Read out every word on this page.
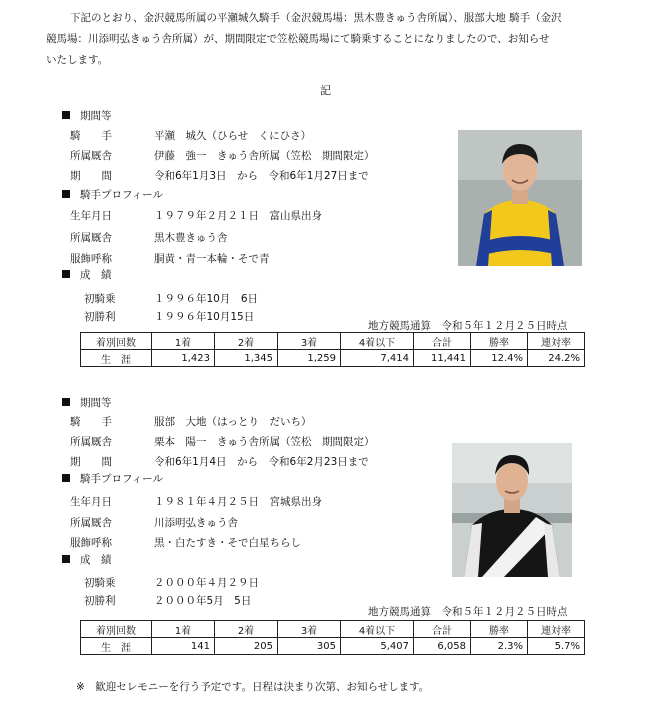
下記のとおり、金沢競馬所属の平瀬城久騎手（金沢競馬場：黒木豊きゅう舎所属）、服部大地 騎手（金沢
競馬場：川添明弘きゅう舎所属）が、期間限定で笠松競馬場にて騎乗することになりましたので、お知らせ
いたします。
記
期間等
騎　　手	平瀬　城久（ひらせ　くにひさ）
所属厩舎	伊藤　強一　きゅう舎所属（笠松　期間限定）
期　　間	令和6年1月3日　から　令和6年1月27日まで
騎手プロフィール
生年月日	１９７９年２月２１日　富山県出身
所属厩舎	黒木豊きゅう舎
服飾呼称	胴黄・青一本輪・そで青
成　績
初騎乗	１９９６年10月　6日
初勝利	１９９６年10月15日
地方競馬通算　令和５年１２月２５日時点
着別回数	1着	2着	3着	4着以下	合計	勝率	連対率
生　涯	1,423	1,345	1,259	7,414	11,441	12.4%	24.2%
期間等
騎　　手	服部　大地（はっとり　だいち）
所属厩舎	栗本　陽一　きゅう舎所属（笠松　期間限定）
期　　間	令和6年1月4日　から　令和6年2月23日まで
騎手プロフィール
生年月日	１９８１年４月２５日　宮城県出身
所属厩舎	川添明弘きゅう舎
服飾呼称	黒・白たすき・そで白星ちらし
成　績
初騎乗	２０００年４月２９日
初勝利	２０００年5月　5日
地方競馬通算　令和５年１２月２５日時点
着別回数	1着	2着	3着	4着以下	合計	勝率	連対率
生　涯	141	205	305	5,407	6,058	2.3%	5.7%
※　歓迎セレモニーを行う予定です。日程は決まり次第、お知らせします。
